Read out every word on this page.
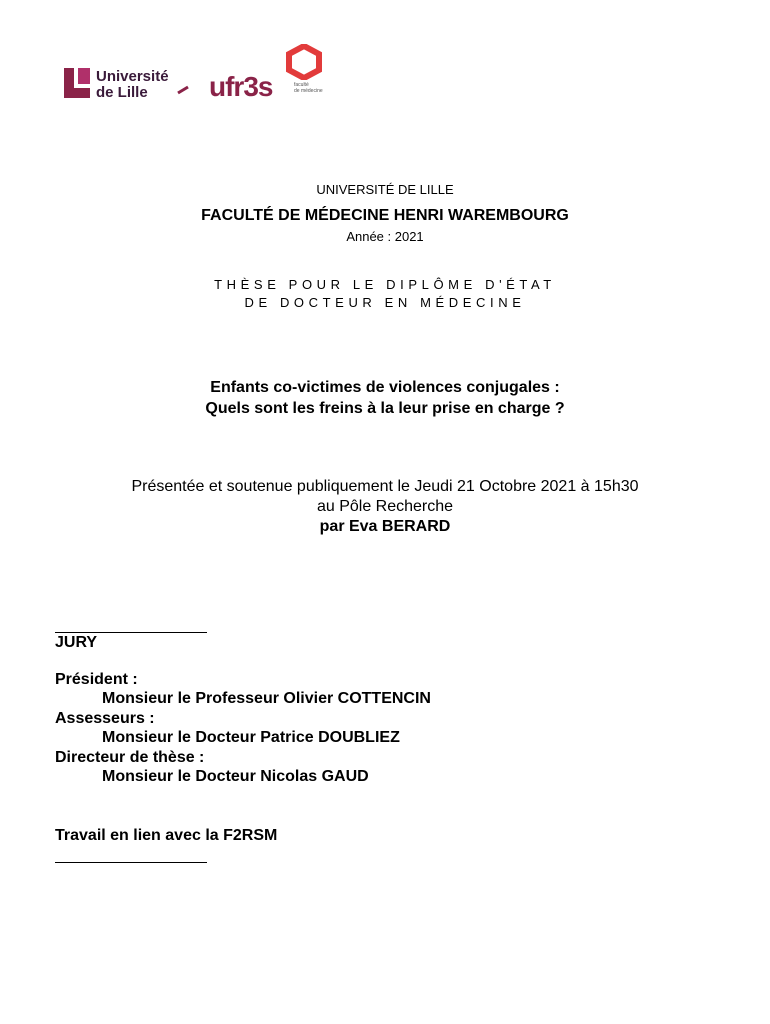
Université
de Lille	ufr3s	faculté
de médecine
UNIVERSITÉ DE LILLE
FACULTÉ DE MÉDECINE HENRI WAREMBOURG
Année : 2021
THÈSE POUR LE DIPLÔME D'ÉTAT
DE DOCTEUR EN MÉDECINE
Enfants co-victimes de violences conjugales :
Quels sont les freins à la leur prise en charge ?
Présentée et soutenue publiquement le Jeudi 21 Octobre 2021 à 15h30
au Pôle Recherche
par Eva BERARD
JURY
Président :
Monsieur le Professeur Olivier COTTENCIN
Assesseurs :
Monsieur le Docteur Patrice DOUBLIEZ
Directeur de thèse :
Monsieur le Docteur Nicolas GAUD
Travail en lien avec la F2RSM
